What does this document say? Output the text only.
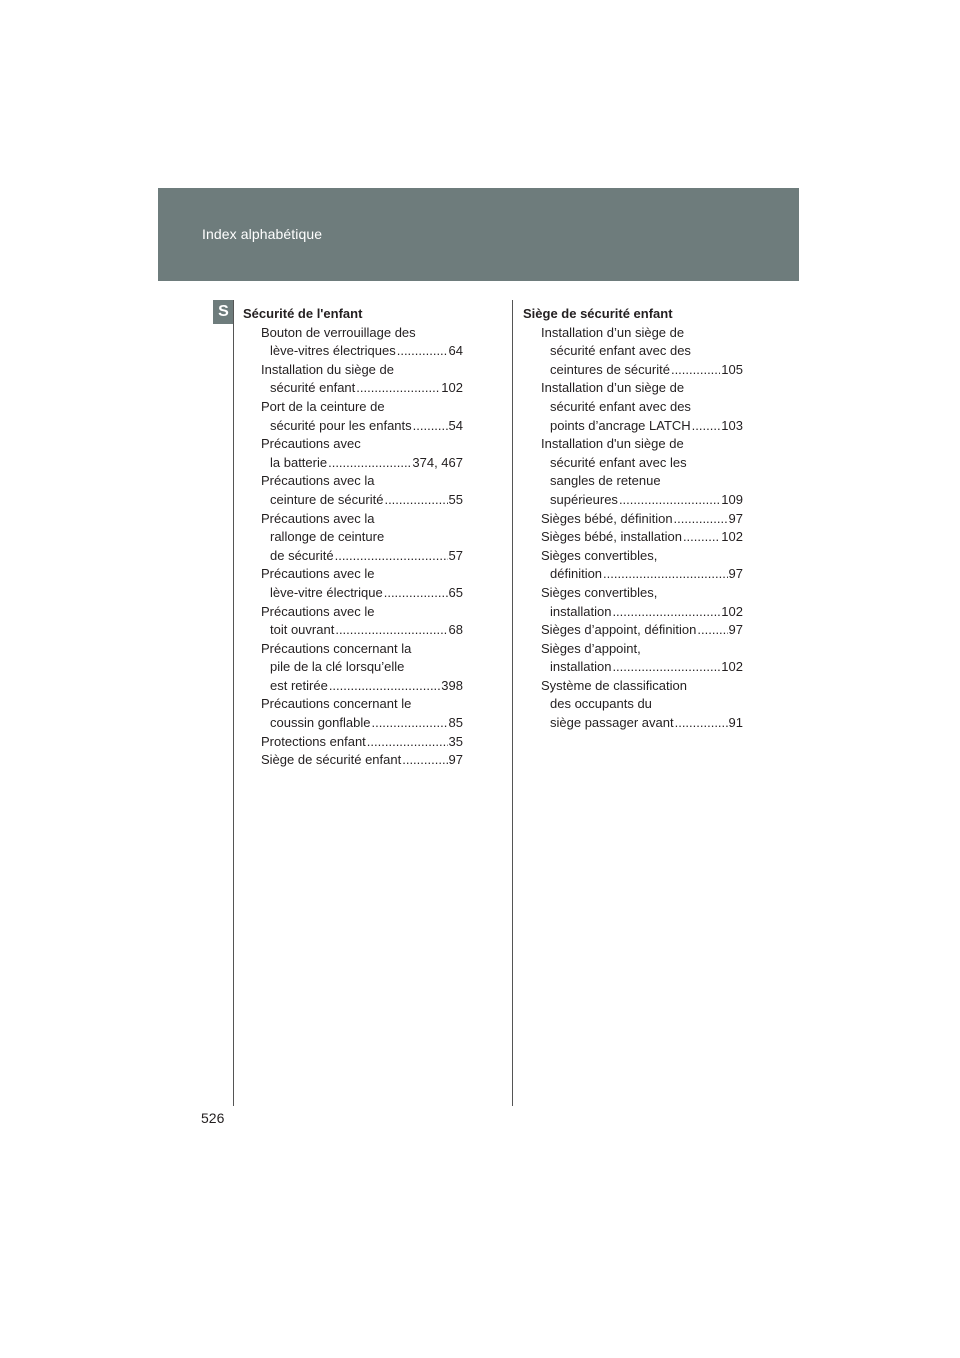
Index alphabétique
S	Sécurité de l'enfant
Bouton de verrouillage des
lève-vitres électriques .....	64
Installation du siège de
sécurité enfant .....	102
Port de la ceinture de
sécurité pour les enfants .....	54
Précautions avec
la batterie .....	374, 467
Précautions avec la
ceinture de sécurité .....	55
Précautions avec la
rallonge de ceinture
de sécurité .....	57
Précautions avec le
lève-vitre électrique .....	65
Précautions avec le
toit ouvrant .....	68
Précautions concernant la
pile de la clé lorsqu’elle
est retirée .....	398
Précautions concernant le
coussin gonflable .....	85
Protections enfant .....	35
Siège de sécurité enfant .....	97
Siège de sécurité enfant
Installation d’un siège de
sécurité enfant avec des
ceintures de sécurité .....	105
Installation d’un siège de
sécurité enfant avec des
points d’ancrage LATCH ..... 103
Installation d'un siège de
sécurité enfant avec les
sangles de retenue
supérieures .....	109
Sièges bébé, définition .....	97
Sièges bébé, installation .....	102
Sièges convertibles,
définition .....	97
Sièges convertibles,
installation .....	102
Sièges d’appoint, définition ..... 97
Sièges d’appoint,
installation .....	102
Système de classification
des occupants du
siège passager avant .....	91
526
